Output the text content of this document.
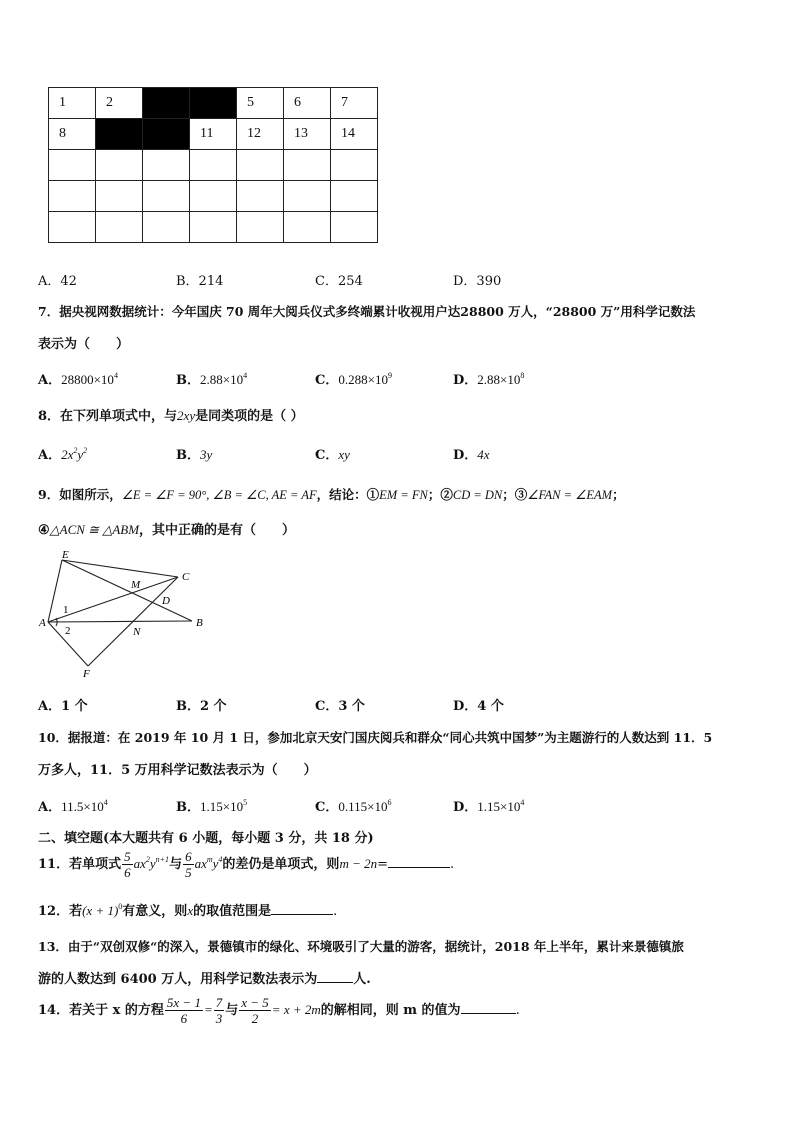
1	2			5	6	7
8			11	12	13	14

A．42	B．214	C．254	D．390
7．据央视网数据统计：今年国庆 70 周年大阅兵仪式多终端累计收视用户达28800 万人，“28800 万”用科学记数法
表示为（　　）
A．$28800\times 10^4$	B．$2.88\times 10^4$	C．$0.288\times 10^9$	D．$2.88\times 10^8$
8．在下列单项式中，与2xy是同类项的是（ ）
A．$2x^2y^2$	B．3y	C．xy	D．4x
9．如图所示，∠E = ∠F = 90°, ∠B = ∠C, AE = AF，结论：①EM = FN；②CD = DN；③∠FAN = ∠EAM；
④△ACN ≅ △ABM，其中正确的是有（　　）
E
M
C
D
A
1
2	N
B
F
A．1 个	B．2 个	C．3 个	D．4 个
10．据报道：在 2019 年 10 月 1 日，参加北京天安门国庆阅兵和群众“同心共筑中国梦”为主题游行的人数达到 11．5
万多人，11．5 万用科学记数法表示为（　　）
A．$11.5\times 10^4$	B．$1.15\times 10^5$	C．$0.115\times 10^6$	D．$1.15\times 10^4$
二、填空题(本大题共有 6 小题，每小题 3 分，共 18 分)
11．若单项式 $\frac{5}{6} ax^2y^{n+1}$与 $\frac{6}{5} ax^my^4$的差仍是单项式，则m − 2n=	.
12．若$(x + 1)^0$有意义，则x的取值范围是	.
13．由于“双创双修“的深入，景德镇市的绿化、环境吸引了大量的游客，据统计，2018 年上半年，累计来景德镇旅
游的人数达到 6400 万人，用科学记数法表示为	人.
14．若关于 x 的方程 $\frac{5x - 1}{6} = \frac{7}{3}$ 与 $\frac{x - 5}{2} = x + 2m$的解相同，则 m 的值为	.
